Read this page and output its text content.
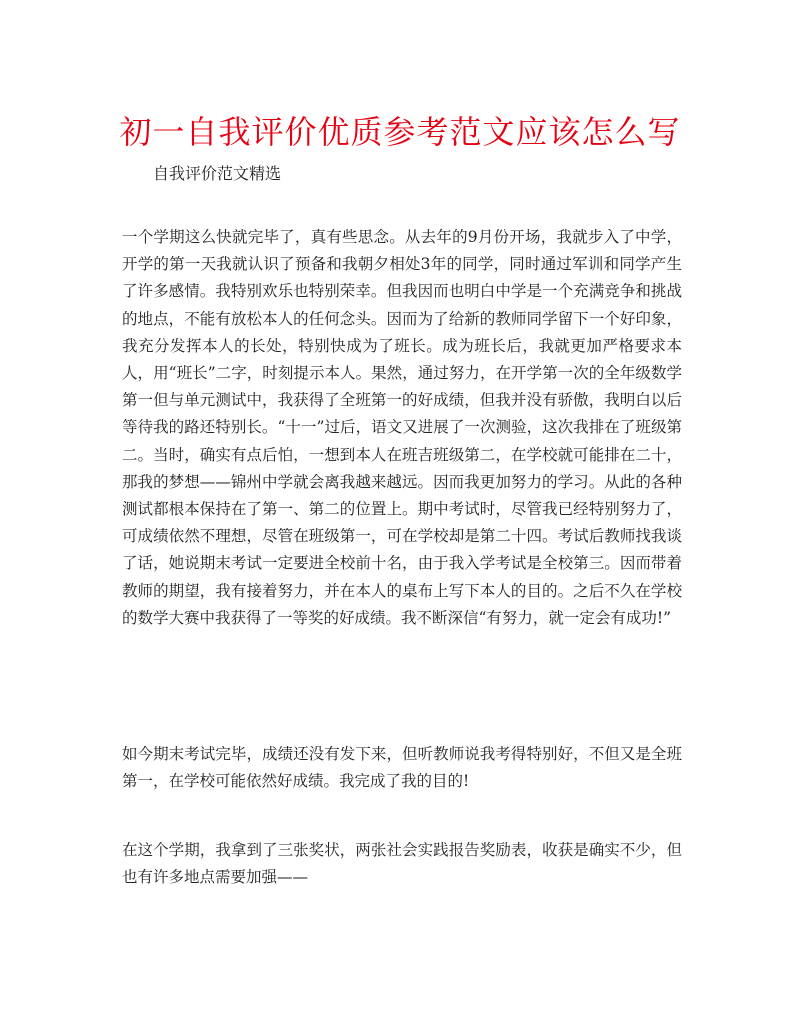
初一自我评价优质参考范文应该怎么写
自我评价范文精选
一个学期这么快就完毕了，真有些思念。从去年的9月份开场，我就步入了中学，开学的第一天我就认识了预备和我朝夕相处3年的同学，同时通过军训和同学产生了许多感情。我特别欢乐也特别荣幸。但我因而也明白中学是一个充满竞争和挑战的地点，不能有放松本人的任何念头。因而为了给新的教师同学留下一个好印象，我充分发挥本人的长处，特别快成为了班长。成为班长后，我就更加严格要求本人，用“班长”二字，时刻提示本人。果然，通过努力，在开学第一次的全年级数学第一但与单元测试中，我获得了全班第一的好成绩，但我并没有骄傲，我明白以后等待我的路还特别长。“十一”过后，语文又进展了一次测验，这次我排在了班级第二。当时，确实有点后怕，一想到本人在班吉班级第二，在学校就可能排在二十，那我的梦想——锦州中学就会离我越来越远。因而我更加努力的学习。从此的各种测试都根本保持在了第一、第二的位置上。期中考试时，尽管我已经特别努力了，可成绩依然不理想，尽管在班级第一，可在学校却是第二十四。考试后教师找我谈了话，她说期末考试一定要进全校前十名，由于我入学考试是全校第三。因而带着教师的期望，我有接着努力，并在本人的桌布上写下本人的目的。之后不久在学校的数学大赛中我获得了一等奖的好成绩。我不断深信“有努力，就一定会有成功!”
如今期末考试完毕，成绩还没有发下来，但听教师说我考得特别好，不但又是全班第一，在学校可能依然好成绩。我完成了我的目的!
在这个学期，我拿到了三张奖状，两张社会实践报告奖励表，收获是确实不少，但也有许多地点需要加强——
